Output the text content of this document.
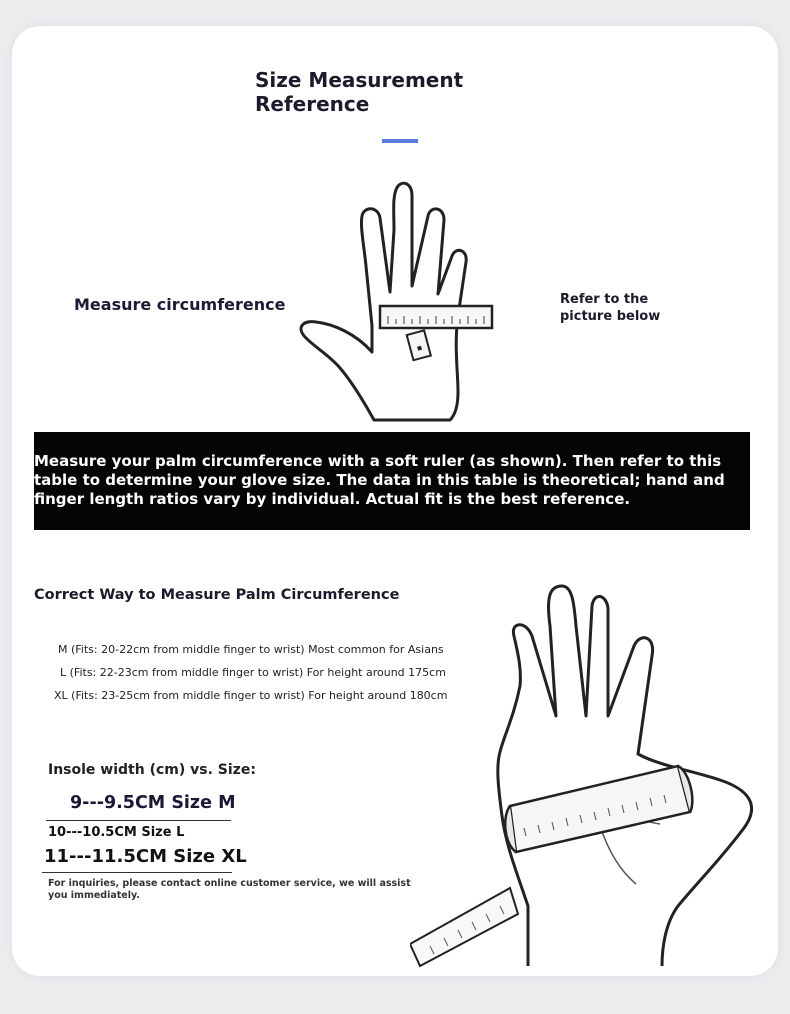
Size Measurement Reference
Measure circumference	Refer to the picture below
Measure your palm circumference with a soft ruler (as shown). Then refer to this table to determine your glove size. The data in this table is theoretical; hand and finger length ratios vary by individual. Actual fit is the best reference.
Correct Way to Measure Palm Circumference
M (Fits: 20-22cm from middle finger to wrist) Most common for Asians
L (Fits: 22-23cm from middle finger to wrist) For height around 175cm
XL (Fits: 23-25cm from middle finger to wrist) For height around 180cm
Insole width (cm) vs. Size:
9---9.5CM Size M
10---10.5CM Size L
11---11.5CM Size XL
For inquiries, please contact online customer service, we will assist you immediately.
